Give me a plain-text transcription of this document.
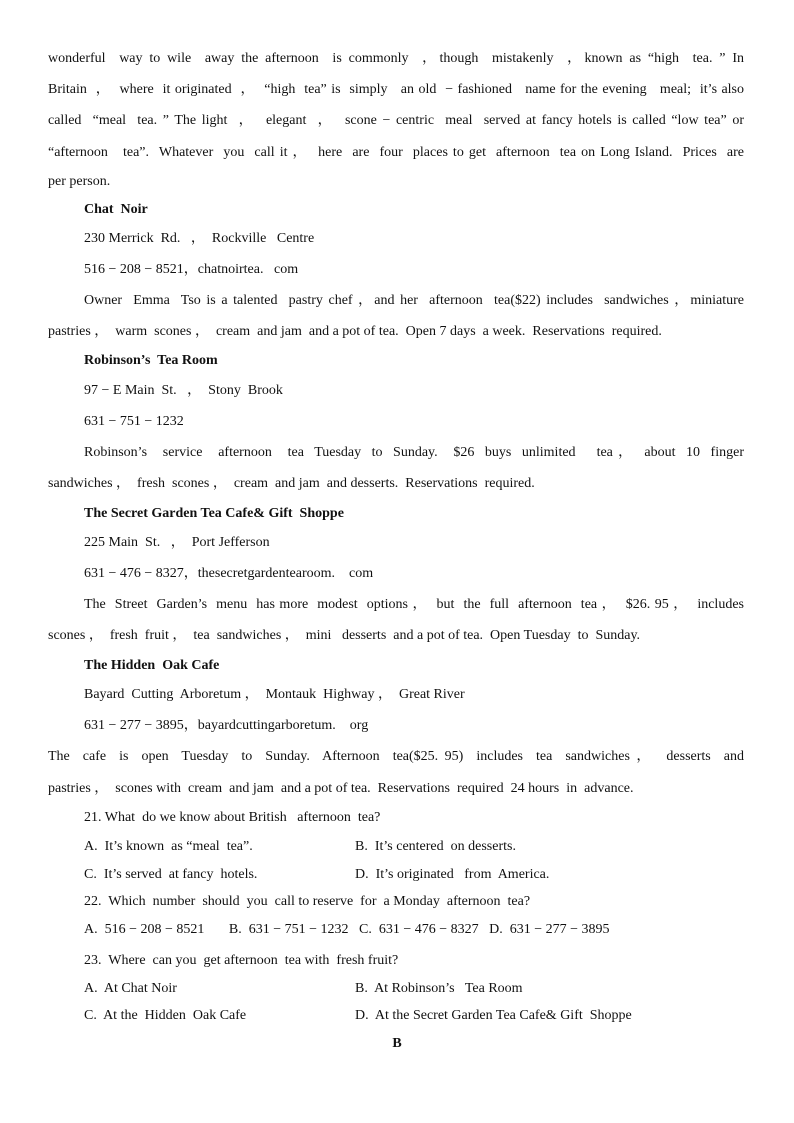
wonderful  way to wile  away the afternoon  is commonly  ，though  mistakenly  ，known as “high  tea. ” In
Britain  ，  where  it originated  ，  “high  tea” is  simply   an old  − fashioned   name for the evening   meal;  it’s also
called  “meal  tea. ” The light  ，  elegant  ，  scone − centric  meal  served at fancy hotels is called “low tea” or
“afternoon   tea”.  Whatever  you  call it ，  here  are  four  places to get  afternoon  tea on Long Island.  Prices  are
per person.
Chat  Noir
230 Merrick  Rd.   ，  Rockville   Centre
516 − 208 − 8521，chatnoirtea.   com
Owner  Emma  Tso is a talented  pastry chef ，and her  afternoon  tea($22) includes  sandwiches ，miniature
pastries ，  warm  scones ，  cream  and jam  and a pot of tea.  Open 7 days  a week.  Reservations  required.
Robinson’s  Tea Room
97 − E Main  St.   ，  Stony  Brook
631 − 751 − 1232
Robinson’s   service   afternoon   tea  Tuesday  to  Sunday.   $26  buys  unlimited    tea ，  about  10  finger
sandwiches ，  fresh  scones ，  cream  and jam  and desserts.  Reservations  required.
The Secret Garden Tea Cafe& Gift  Shoppe
225 Main  St.   ，  Port Jefferson
631 − 476 − 8327，thesecretgardentearoom.    com
The  Street  Garden’s  menu  has more  modest  options ，  but  the  full  afternoon  tea ，  $26. 95 ，  includes
scones ，  fresh  fruit ，  tea  sandwiches ，  mini   desserts  and a pot of tea.  Open Tuesday  to  Sunday.
The Hidden  Oak Cafe
Bayard  Cutting  Arboretum ，  Montauk  Highway ，  Great River
631 − 277 − 3895，bayardcuttingarboretum.    org
The  cafe  is  open  Tuesday  to  Sunday.  Afternoon  tea($25. 95)  includes  tea  sandwiches ，  desserts  and
pastries ，  scones with  cream  and jam  and a pot of tea.  Reservations  required  24 hours  in  advance.
21. What  do we know about British   afternoon  tea?
A.  It’s known  as “meal  tea”.	B.  It’s centered  on desserts.
C.  It’s served  at fancy  hotels.	D.  It’s originated   from  America.
22.  Which  number  should  you  call to reserve  for  a Monday  afternoon  tea?
A.  516 − 208 − 8521       B.  631 − 751 − 1232   C.  631 − 476 − 8327   D.  631 − 277 − 3895
23.  Where  can you  get afternoon  tea with  fresh fruit?
A.  At Chat Noir	B.  At Robinson’s   Tea Room
C.  At the  Hidden  Oak Cafe	D.  At the Secret Garden Tea Cafe& Gift  Shoppe
B
